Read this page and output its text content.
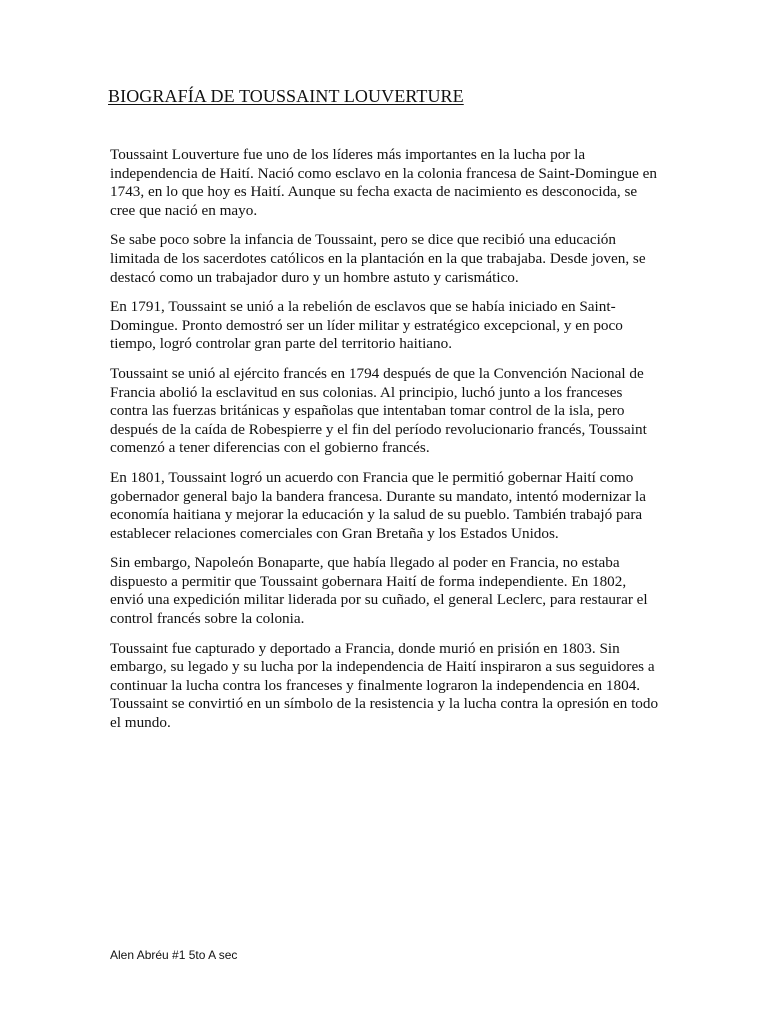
BIOGRAFÍA DE TOUSSAINT LOUVERTURE

Toussaint Louverture fue uno de los líderes más importantes en la lucha por la independencia de Haití. Nació como esclavo en la colonia francesa de Saint-Domingue en 1743, en lo que hoy es Haití. Aunque su fecha exacta de nacimiento es desconocida, se cree que nació en mayo.

Se sabe poco sobre la infancia de Toussaint, pero se dice que recibió una educación limitada de los sacerdotes católicos en la plantación en la que trabajaba. Desde joven, se destacó como un trabajador duro y un hombre astuto y carismático.

En 1791, Toussaint se unió a la rebelión de esclavos que se había iniciado en Saint-Domingue. Pronto demostró ser un líder militar y estratégico excepcional, y en poco tiempo, logró controlar gran parte del territorio haitiano.

Toussaint se unió al ejército francés en 1794 después de que la Convención Nacional de Francia abolió la esclavitud en sus colonias. Al principio, luchó junto a los franceses contra las fuerzas británicas y españolas que intentaban tomar control de la isla, pero después de la caída de Robespierre y el fin del período revolucionario francés, Toussaint comenzó a tener diferencias con el gobierno francés.

En 1801, Toussaint logró un acuerdo con Francia que le permitió gobernar Haití como gobernador general bajo la bandera francesa. Durante su mandato, intentó modernizar la economía haitiana y mejorar la educación y la salud de su pueblo. También trabajó para establecer relaciones comerciales con Gran Bretaña y los Estados Unidos.

Sin embargo, Napoleón Bonaparte, que había llegado al poder en Francia, no estaba dispuesto a permitir que Toussaint gobernara Haití de forma independiente. En 1802, envió una expedición militar liderada por su cuñado, el general Leclerc, para restaurar el control francés sobre la colonia.

Toussaint fue capturado y deportado a Francia, donde murió en prisión en 1803. Sin embargo, su legado y su lucha por la independencia de Haití inspiraron a sus seguidores a continuar la lucha contra los franceses y finalmente lograron la independencia en 1804. Toussaint se convirtió en un símbolo de la resistencia y la lucha contra la opresión en todo el mundo.

Alen Abréu #1 5to A sec
